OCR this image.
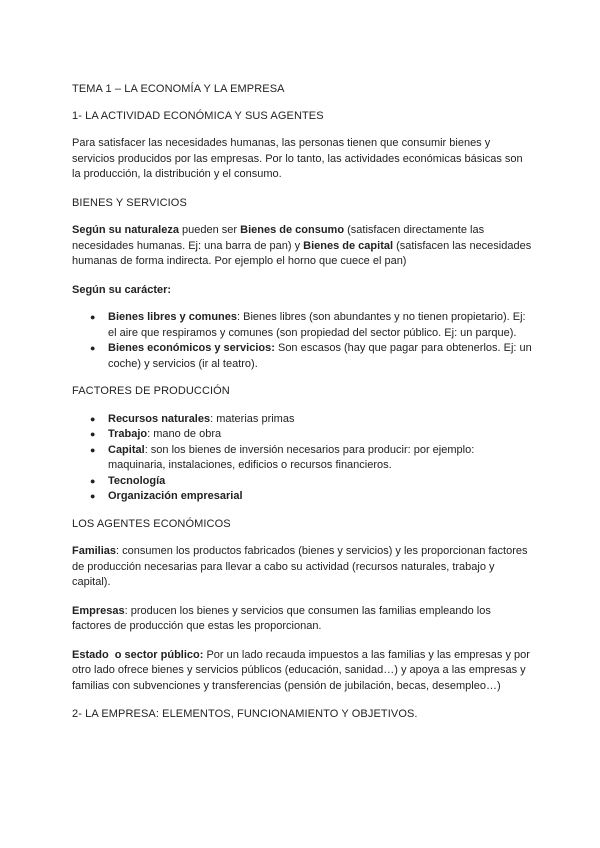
TEMA 1 – LA ECONOMÍA Y LA EMPRESA
1- LA ACTIVIDAD ECONÓMICA Y SUS AGENTES

Para satisfacer las necesidades humanas, las personas tienen que consumir bienes y servicios producidos por las empresas. Por lo tanto, las actividades económicas básicas son la producción, la distribución y el consumo.

BIENES Y SERVICIOS

Según su naturaleza pueden ser Bienes de consumo (satisfacen directamente las necesidades humanas. Ej: una barra de pan) y Bienes de capital (satisfacen las necesidades humanas de forma indirecta. Por ejemplo el horno que cuece el pan)

Según su carácter:
● Bienes libres y comunes: Bienes libres (son abundantes y no tienen propietario). Ej: el aire que respiramos y comunes (son propiedad del sector público. Ej: un parque).
● Bienes económicos y servicios: Son escasos (hay que pagar para obtenerlos. Ej: un coche) y servicios (ir al teatro).
FACTORES DE PRODUCCIÓN
● Recursos naturales: materias primas
● Trabajo: mano de obra
● Capital: son los bienes de inversión necesarios para producir: por ejemplo: maquinaria, instalaciones, edificios o recursos financieros.
● Tecnología
● Organización empresarial
LOS AGENTES ECONÓMICOS

Familias: consumen los productos fabricados (bienes y servicios) y les proporcionan factores de producción necesarias para llevar a cabo su actividad (recursos naturales, trabajo y capital).

Empresas: producen los bienes y servicios que consumen las familias empleando los factores de producción que estas les proporcionan.

Estado  o sector público: Por un lado recauda impuestos a las familias y las empresas y por otro lado ofrece bienes y servicios públicos (educación, sanidad…) y apoya a las empresas y familias con subvenciones y transferencias (pensión de jubilación, becas, desempleo…)

2- LA EMPRESA: ELEMENTOS, FUNCIONAMIENTO Y OBJETIVOS.
